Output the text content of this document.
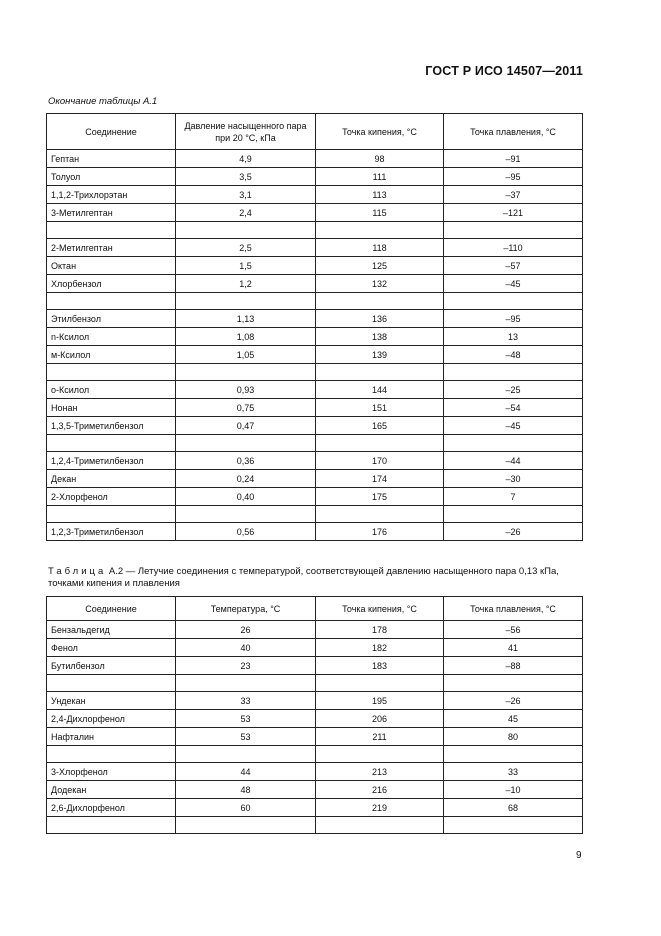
ГОСТ Р ИСО 14507—2011
Окончание таблицы А.1
Соединение	Давление насыщенного пара при 20 °С, кПа	Точка кипения, °С	Точка плавления, °С
Гептан	4,9	98	–91
Толуол	3,5	111	–95
1,1,2-Трихлорэтан	3,1	113	–37
3-Метилгептан	2,4	115	–121

2-Метилгептан	2,5	118	–110
Октан	1,5	125	–57
Хлорбензол	1,2	132	–45

Этилбензол	1,13	136	–95
n-Ксилол	1,08	138	13
м-Ксилол	1,05	139	–48

о-Ксилол	0,93	144	–25
Нонан	0,75	151	–54
1,3,5-Триметилбензол	0,47	165	–45

1,2,4-Триметилбензол	0,36	170	–44
Декан	0,24	174	–30
2-Хлорфенол	0,40	175	7

1,2,3-Триметилбензол	0,56	176	–26
Таблица А.2 — Летучие соединения с температурой, соответствующей давлению насыщенного пара 0,13 кПа, точками кипения и плавления
Соединение	Температура, °С	Точка кипения, °С	Точка плавления, °С
Бензальдегид	26	178	–56
Фенол	40	182	41
Бутилбензол	23	183	–88

Ундекан	33	195	–26
2,4-Дихлорфенол	53	206	45
Нафталин	53	211	80

3-Хлорфенол	44	213	33
Додекан	48	216	–10
2,6-Дихлорфенол	60	219	68

9
